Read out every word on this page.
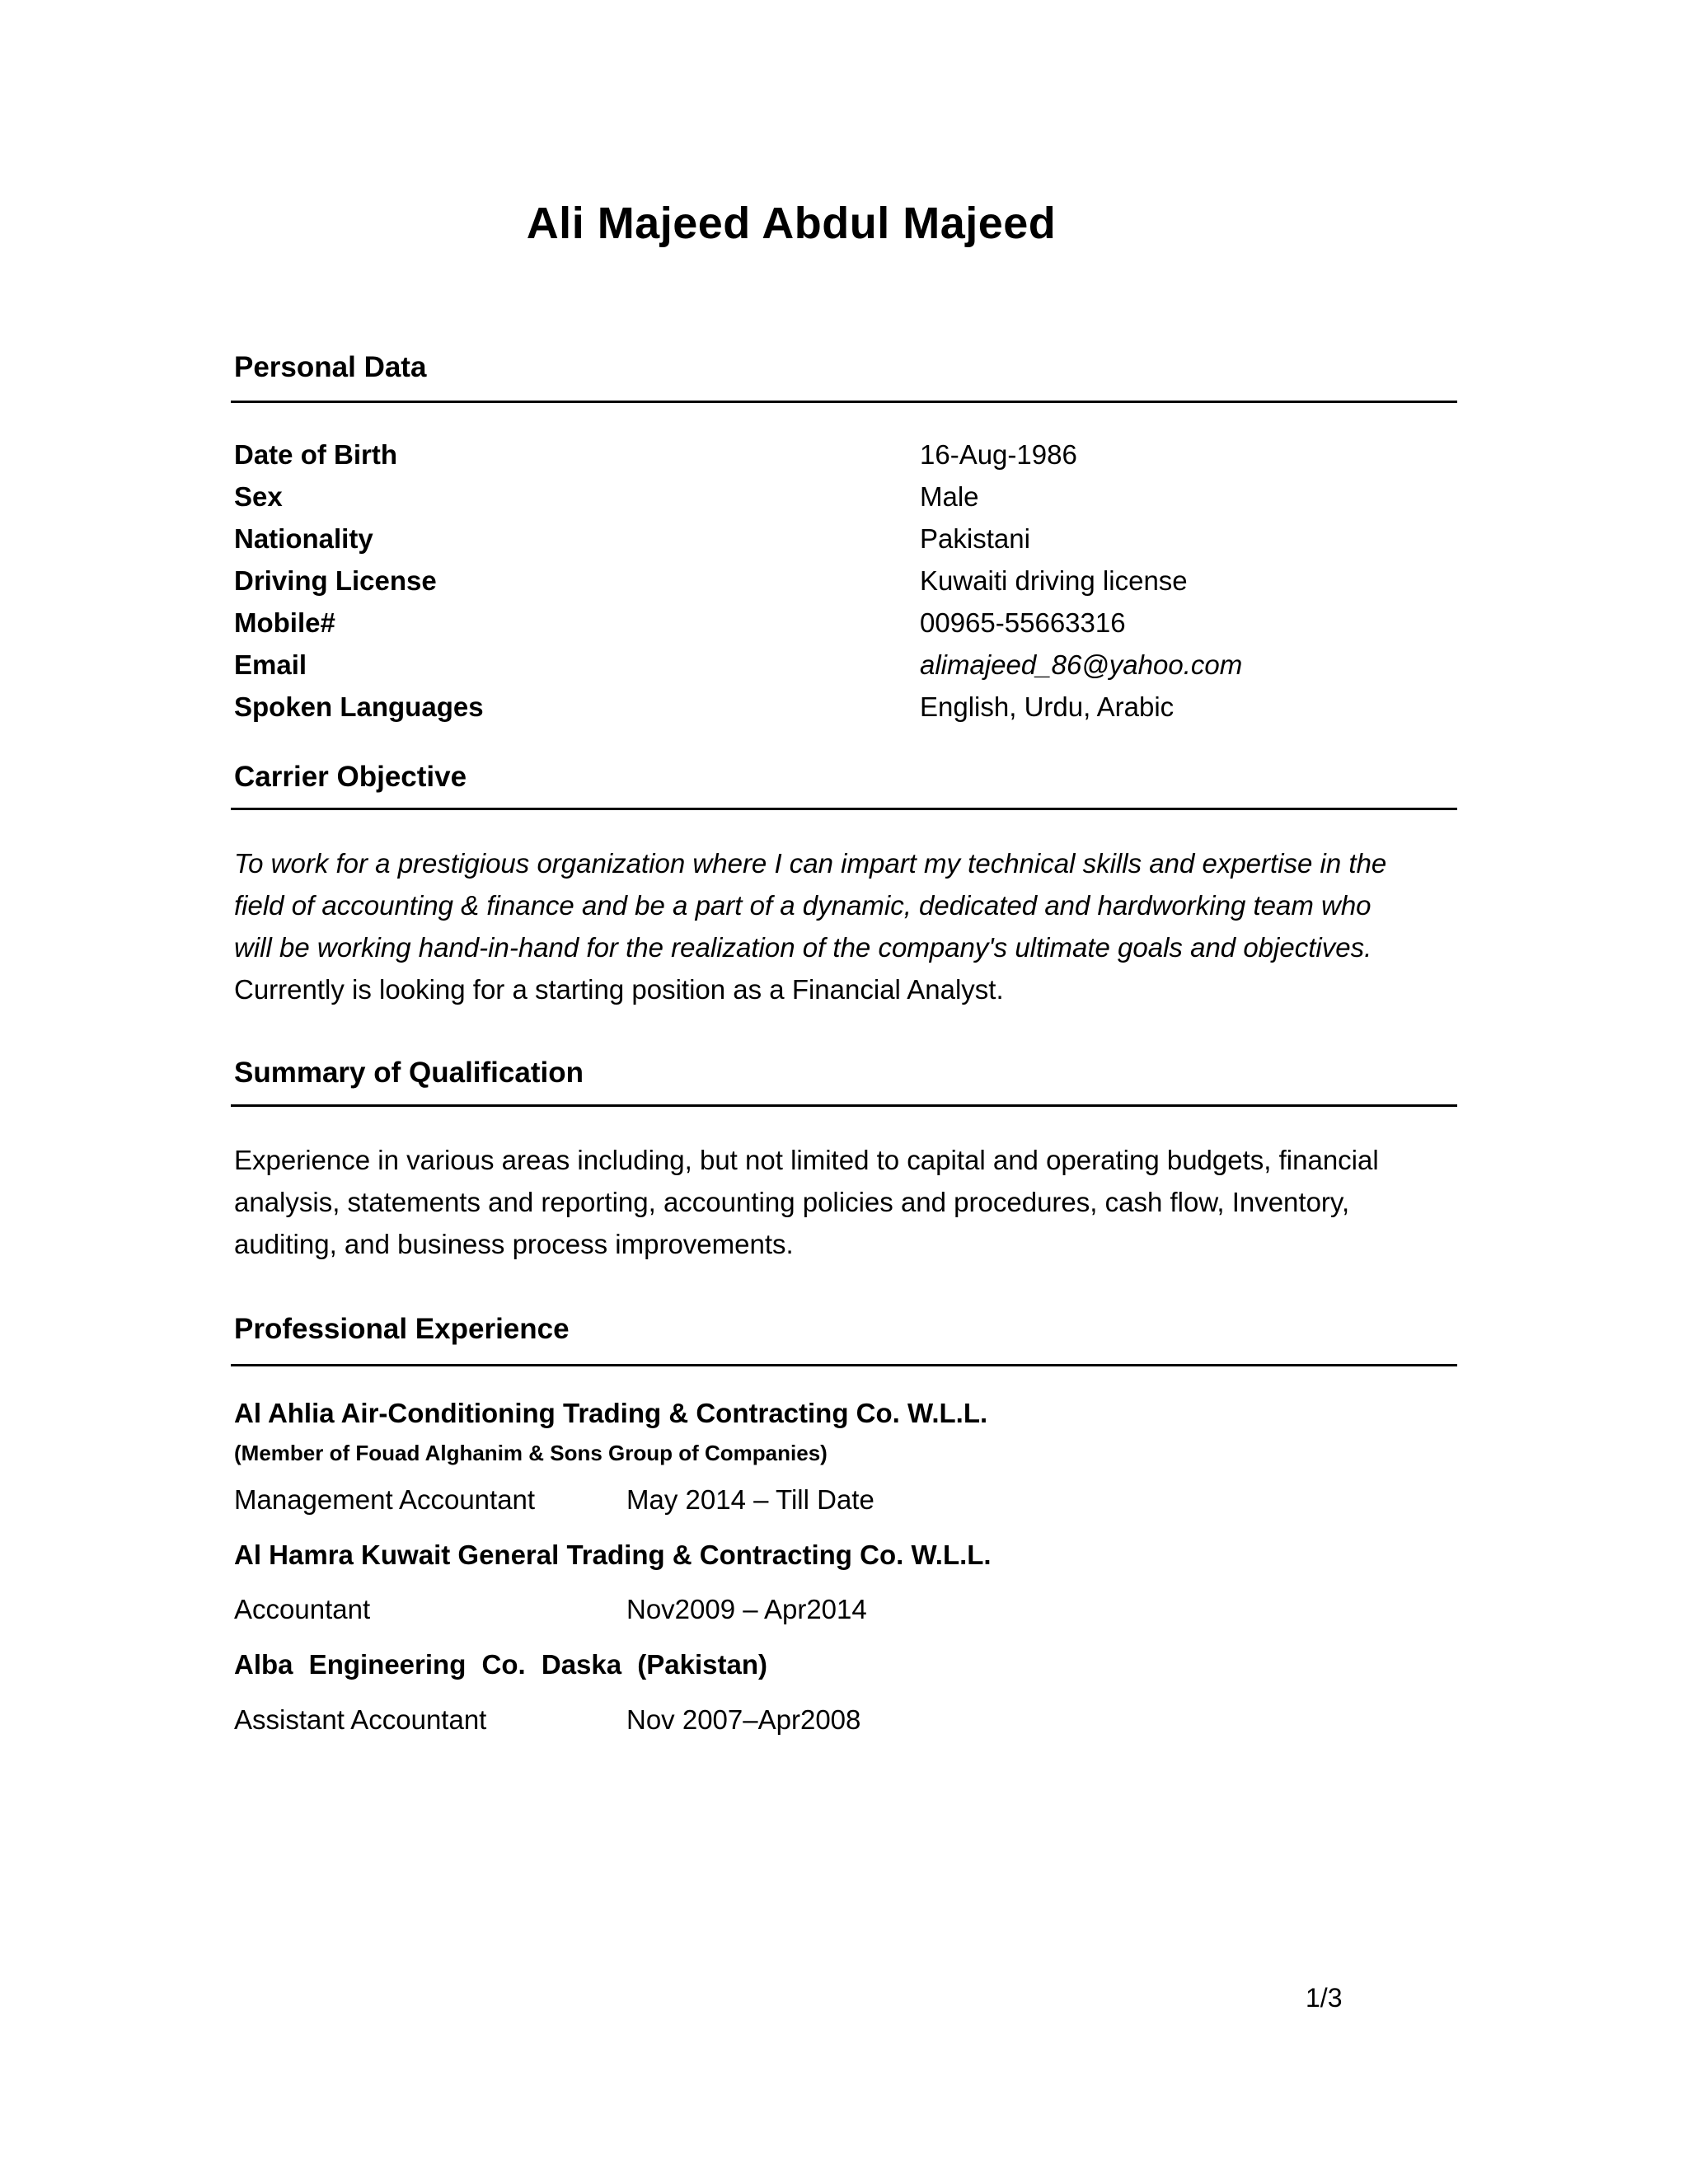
Ali Majeed Abdul Majeed
Personal Data
Date of Birth	16-Aug-1986
Sex	Male
Nationality	Pakistani
Driving License	Kuwaiti driving license
Mobile#	00965-55663316
Email	alimajeed_86@yahoo.com
Spoken Languages	English, Urdu, Arabic
Carrier Objective

To work for a prestigious organization where I can impart my technical skills and expertise in the field of accounting & finance and be a part of a dynamic, dedicated and hardworking team who will be working hand-in-hand for the realization of the company's ultimate goals and objectives.

Currently is looking for a starting position as a Financial Analyst.

Summary of Qualification

Experience in various areas including, but not limited to capital and operating budgets, financial analysis, statements and reporting, accounting policies and procedures, cash flow, Inventory, auditing, and business process improvements.

Professional Experience
Al Ahlia Air-Conditioning Trading & Contracting Co. W.L.L.
(Member of Fouad Alghanim & Sons Group of Companies)
Management Accountant	May 2014 – Till Date
Al Hamra Kuwait General Trading & Contracting Co. W.L.L.
Accountant	Nov2009 – Apr2014
Alba Engineering Co. Daska (Pakistan)
Assistant Accountant	Nov 2007–Apr2008
1/3
